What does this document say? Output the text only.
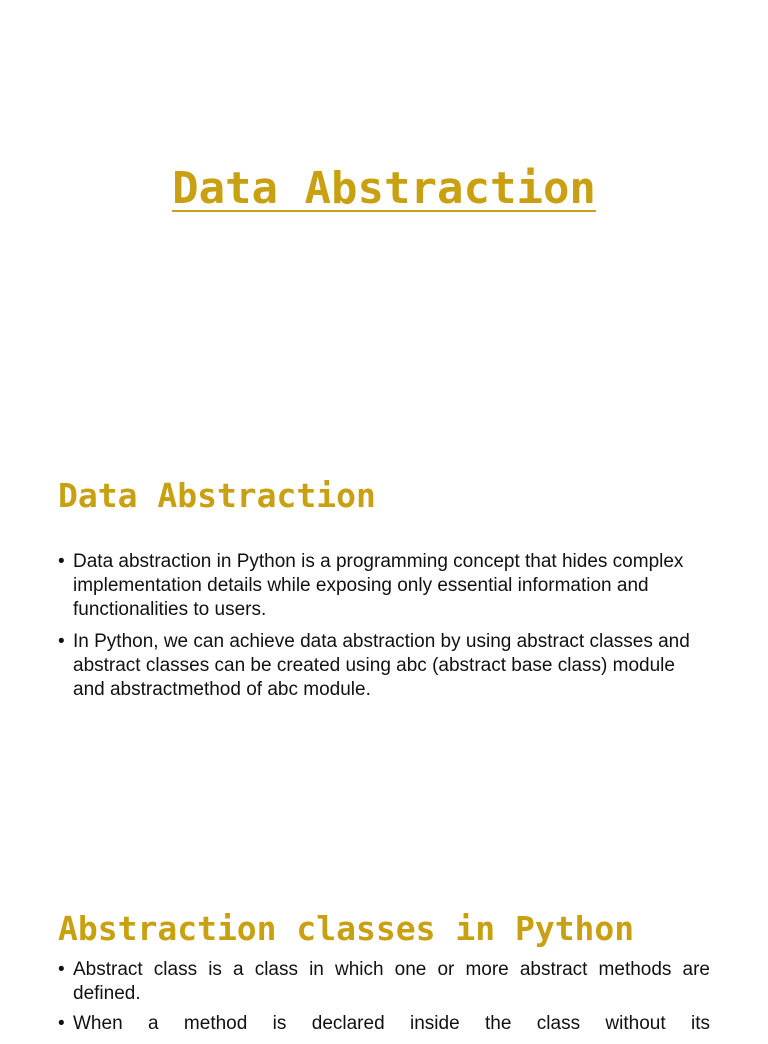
Data Abstraction
Data Abstraction
• Data abstraction in Python is a programming concept that hides complex implementation details while exposing only essential information and functionalities to users.
• In Python, we can achieve data abstraction by using abstract classes and abstract classes can be created using abc (abstract base class) module and abstractmethod of abc module.
Abstraction classes in Python
• Abstract class is a class in which one or more abstract methods are defined.
• When a method is declared inside the class without its
